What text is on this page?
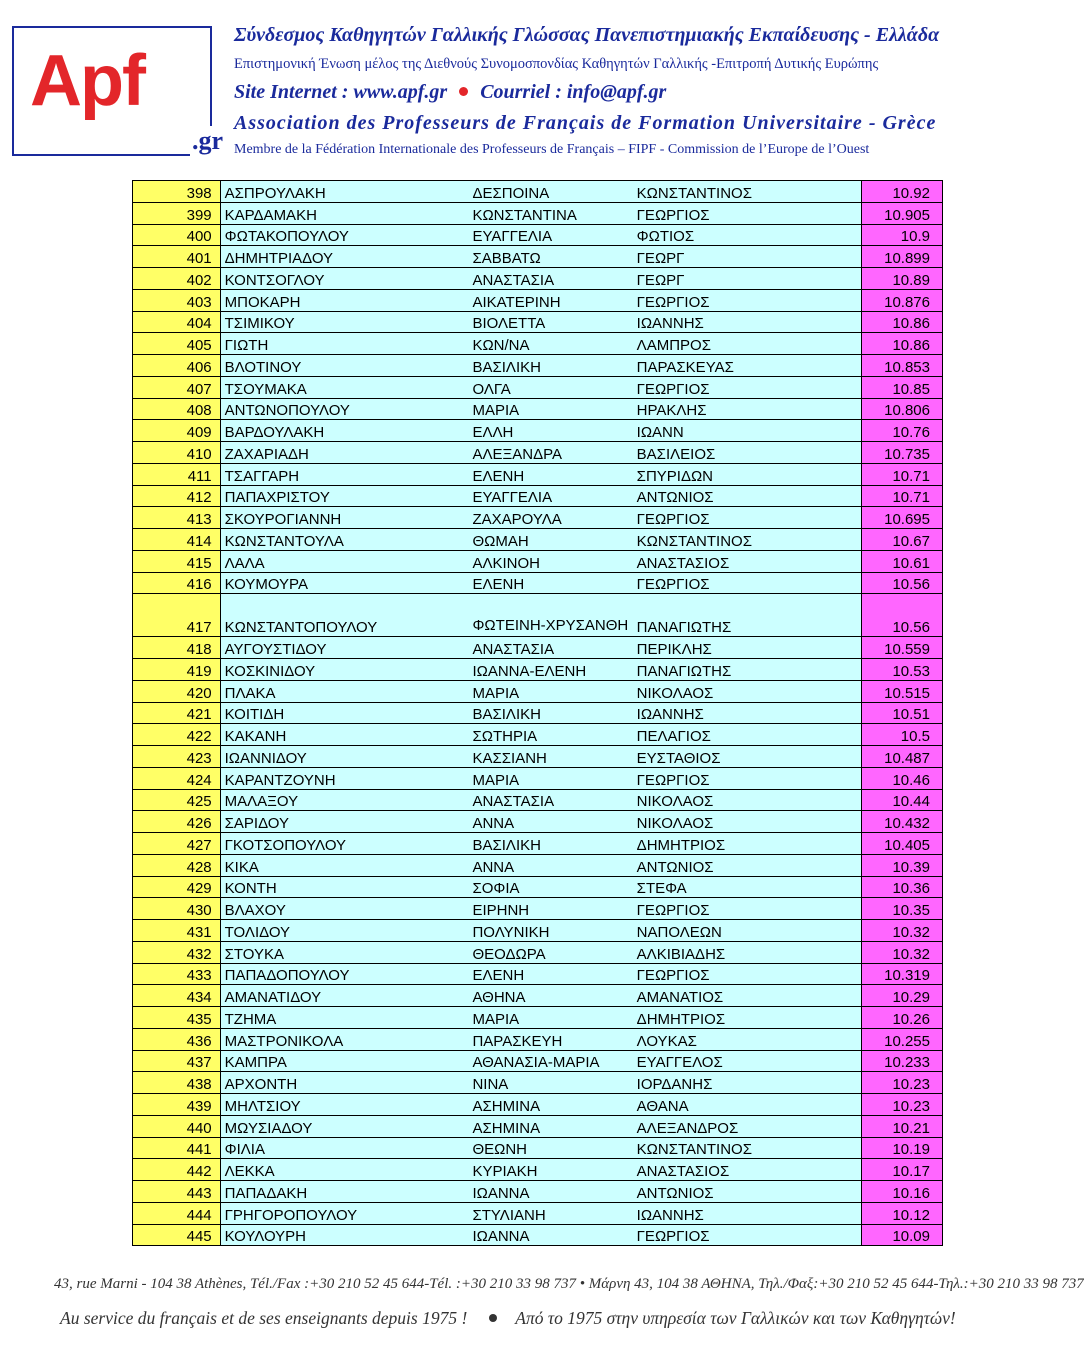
Apf
.gr
Σύνδεσμος Καθηγητών Γαλλικής Γλώσσας Πανεπιστημιακής Εκπαίδευσης - Ελλάδα
Επιστημονική Ένωση μέλος της Διεθνούς Συνομοσπονδίας Καθηγητών Γαλλικής -Επιτροπή Δυτικής Ευρώπης
Site Internet : www.apf.gr Courriel : info@apf.gr
Association des Professeurs de Français de Formation Universitaire - Grèce
Membre de la Fédération Internationale des Professeurs de Français – FIPF - Commission de l’Europe de l’Ouest
398	ΑΣΠΡΟΥΛΑΚΗ	ΔΕΣΠΟΙΝΑ	ΚΩΝΣΤΑΝΤΙΝΟΣ	10.92
399	ΚΑΡΔΑΜΑΚΗ	ΚΩΝΣΤΑΝΤΙΝΑ	ΓΕΩΡΓΙΟΣ	10.905
400	ΦΩΤΑΚΟΠΟΥΛΟΥ	ΕΥΑΓΓΕΛΙΑ	ΦΩΤΙΟΣ	10.9
401	ΔΗΜΗΤΡΙΑΔΟΥ	ΣΑΒΒΑΤΩ	ΓΕΩΡΓ	10.899
402	ΚΟΝΤΣΟΓΛΟΥ	ΑΝΑΣΤΑΣΙΑ	ΓΕΩΡΓ	10.89
403	ΜΠΟΚΑΡΗ	ΑΙΚΑΤΕΡΙΝΗ	ΓΕΩΡΓΙΟΣ	10.876
404	ΤΣΙΜΙΚΟΥ	ΒΙΟΛΕΤΤΑ	ΙΩΑΝΝΗΣ	10.86
405	ΓΙΩΤΗ	ΚΩΝ/ΝΑ	ΛΑΜΠΡΟΣ	10.86
406	ΒΛΟΤΙΝΟΥ	ΒΑΣΙΛΙΚΗ	ΠΑΡΑΣΚΕΥΑΣ	10.853
407	ΤΣΟΥΜΑΚΑ	ΟΛΓΑ	ΓΕΩΡΓΙΟΣ	10.85
408	ΑΝΤΩΝΟΠΟΥΛΟΥ	ΜΑΡΙΑ	ΗΡΑΚΛΗΣ	10.806
409	ΒΑΡΔΟΥΛΑΚΗ	ΕΛΛΗ	ΙΩΑΝΝ	10.76
410	ΖΑΧΑΡΙΑΔΗ	ΑΛΕΞΑΝΔΡΑ	ΒΑΣΙΛΕΙΟΣ	10.735
411	ΤΣΑΓΓΑΡΗ	ΕΛΕΝΗ	ΣΠΥΡΙΔΩΝ	10.71
412	ΠΑΠΑΧΡΙΣΤΟΥ	ΕΥΑΓΓΕΛΙΑ	ΑΝΤΩΝΙΟΣ	10.71
413	ΣΚΟΥΡΟΓΙΑΝΝΗ	ΖΑΧΑΡΟΥΛΑ	ΓΕΩΡΓΙΟΣ	10.695
414	ΚΩΝΣΤΑΝΤΟΥΛΑ	ΘΩΜΑΗ	ΚΩΝΣΤΑΝΤΙΝΟΣ	10.67
415	ΛΑΛΑ	ΑΛΚΙΝΟΗ	ΑΝΑΣΤΑΣΙΟΣ	10.61
416	ΚΟΥΜΟΥΡΑ	ΕΛΕΝΗ	ΓΕΩΡΓΙΟΣ	10.56
417	ΚΩΝΣΤΑΝΤΟΠΟΥΛΟΥ	ΦΩΤΕΙΝΗ-ΧΡΥΣΑΝΘΗ	ΠΑΝΑΓΙΩΤΗΣ	10.56
418	ΑΥΓΟΥΣΤΙΔΟΥ	ΑΝΑΣΤΑΣΙΑ	ΠΕΡΙΚΛΗΣ	10.559
419	ΚΟΣΚΙΝΙΔΟΥ	ΙΩΑΝΝΑ-ΕΛΕΝΗ	ΠΑΝΑΓΙΩΤΗΣ	10.53
420	ΠΛΑΚΑ	ΜΑΡΙΑ	ΝΙΚΟΛΑΟΣ	10.515
421	ΚΟΙΤΙΔΗ	ΒΑΣΙΛΙΚΗ	ΙΩΑΝΝΗΣ	10.51
422	ΚΑΚΑΝΗ	ΣΩΤΗΡΙΑ	ΠΕΛΑΓΙΟΣ	10.5
423	ΙΩΑΝΝΙΔΟΥ	ΚΑΣΣΙΑΝΗ	ΕΥΣΤΑΘΙΟΣ	10.487
424	ΚΑΡΑΝΤΖΟΥΝΗ	ΜΑΡΙΑ	ΓΕΩΡΓΙΟΣ	10.46
425	ΜΑΛΑΞΟΥ	ΑΝΑΣΤΑΣΙΑ	ΝΙΚΟΛΑΟΣ	10.44
426	ΣΑΡΙΔΟΥ	ΑΝΝΑ	ΝΙΚΟΛΑΟΣ	10.432
427	ΓΚΟΤΣΟΠΟΥΛΟΥ	ΒΑΣΙΛΙΚΗ	ΔΗΜΗΤΡΙΟΣ	10.405
428	ΚΙΚΑ	ΑΝΝΑ	ΑΝΤΩΝΙΟΣ	10.39
429	ΚΟΝΤΗ	ΣΟΦΙΑ	ΣΤΕΦΑ	10.36
430	ΒΛΑΧΟΥ	ΕΙΡΗΝΗ	ΓΕΩΡΓΙΟΣ	10.35
431	ΤΟΛΙΔΟΥ	ΠΟΛΥΝΙΚΗ	ΝΑΠΟΛΕΩΝ	10.32
432	ΣΤΟΥΚΑ	ΘΕΟΔΩΡΑ	ΑΛΚΙΒΙΑΔΗΣ	10.32
433	ΠΑΠΑΔΟΠΟΥΛΟΥ	ΕΛΕΝΗ	ΓΕΩΡΓΙΟΣ	10.319
434	ΑΜΑΝΑΤΙΔΟΥ	ΑΘΗΝΑ	ΑΜΑΝΑΤΙΟΣ	10.29
435	ΤΖΗΜΑ	ΜΑΡΙΑ	ΔΗΜΗΤΡΙΟΣ	10.26
436	ΜΑΣΤΡΟΝΙΚΟΛΑ	ΠΑΡΑΣΚΕΥΗ	ΛΟΥΚΑΣ	10.255
437	ΚΑΜΠΡΑ	ΑΘΑΝΑΣΙΑ-ΜΑΡΙΑ	ΕΥΑΓΓΕΛΟΣ	10.233
438	ΑΡΧΟΝΤΗ	ΝΙΝΑ	ΙΟΡΔΑΝΗΣ	10.23
439	ΜΗΛΤΣΙΟΥ	ΑΣΗΜΙΝΑ	ΑΘΑΝΑ	10.23
440	ΜΩΥΣΙΑΔΟΥ	ΑΣΗΜΙΝΑ	ΑΛΕΞΑΝΔΡΟΣ	10.21
441	ΦΙΛΙΑ	ΘΕΩΝΗ	ΚΩΝΣΤΑΝΤΙΝΟΣ	10.19
442	ΛΕΚΚΑ	ΚΥΡΙΑΚΗ	ΑΝΑΣΤΑΣΙΟΣ	10.17
443	ΠΑΠΑΔΑΚΗ	ΙΩΑΝΝΑ	ΑΝΤΩΝΙΟΣ	10.16
444	ΓΡΗΓΟΡΟΠΟΥΛΟΥ	ΣΤΥΛΙΑΝΗ	ΙΩΑΝΝΗΣ	10.12
445	ΚΟΥΛΟΥΡΗ	ΙΩΑΝΝΑ	ΓΕΩΡΓΙΟΣ	10.09
43, rue Marni - 104 38 Athènes, Tél./Fax :+30 210 52 45 644-Tél. :+30 210 33 98 737 • Μάρνη 43, 104 38 ΑΘΗΝΑ, Τηλ./Φαξ:+30 210 52 45 644-Τηλ.:+30 210 33 98 737
Au service du français et de ses enseignants depuis 1975 !	Από το 1975 στην υπηρεσία των Γαλλικών και των Καθηγητών!
